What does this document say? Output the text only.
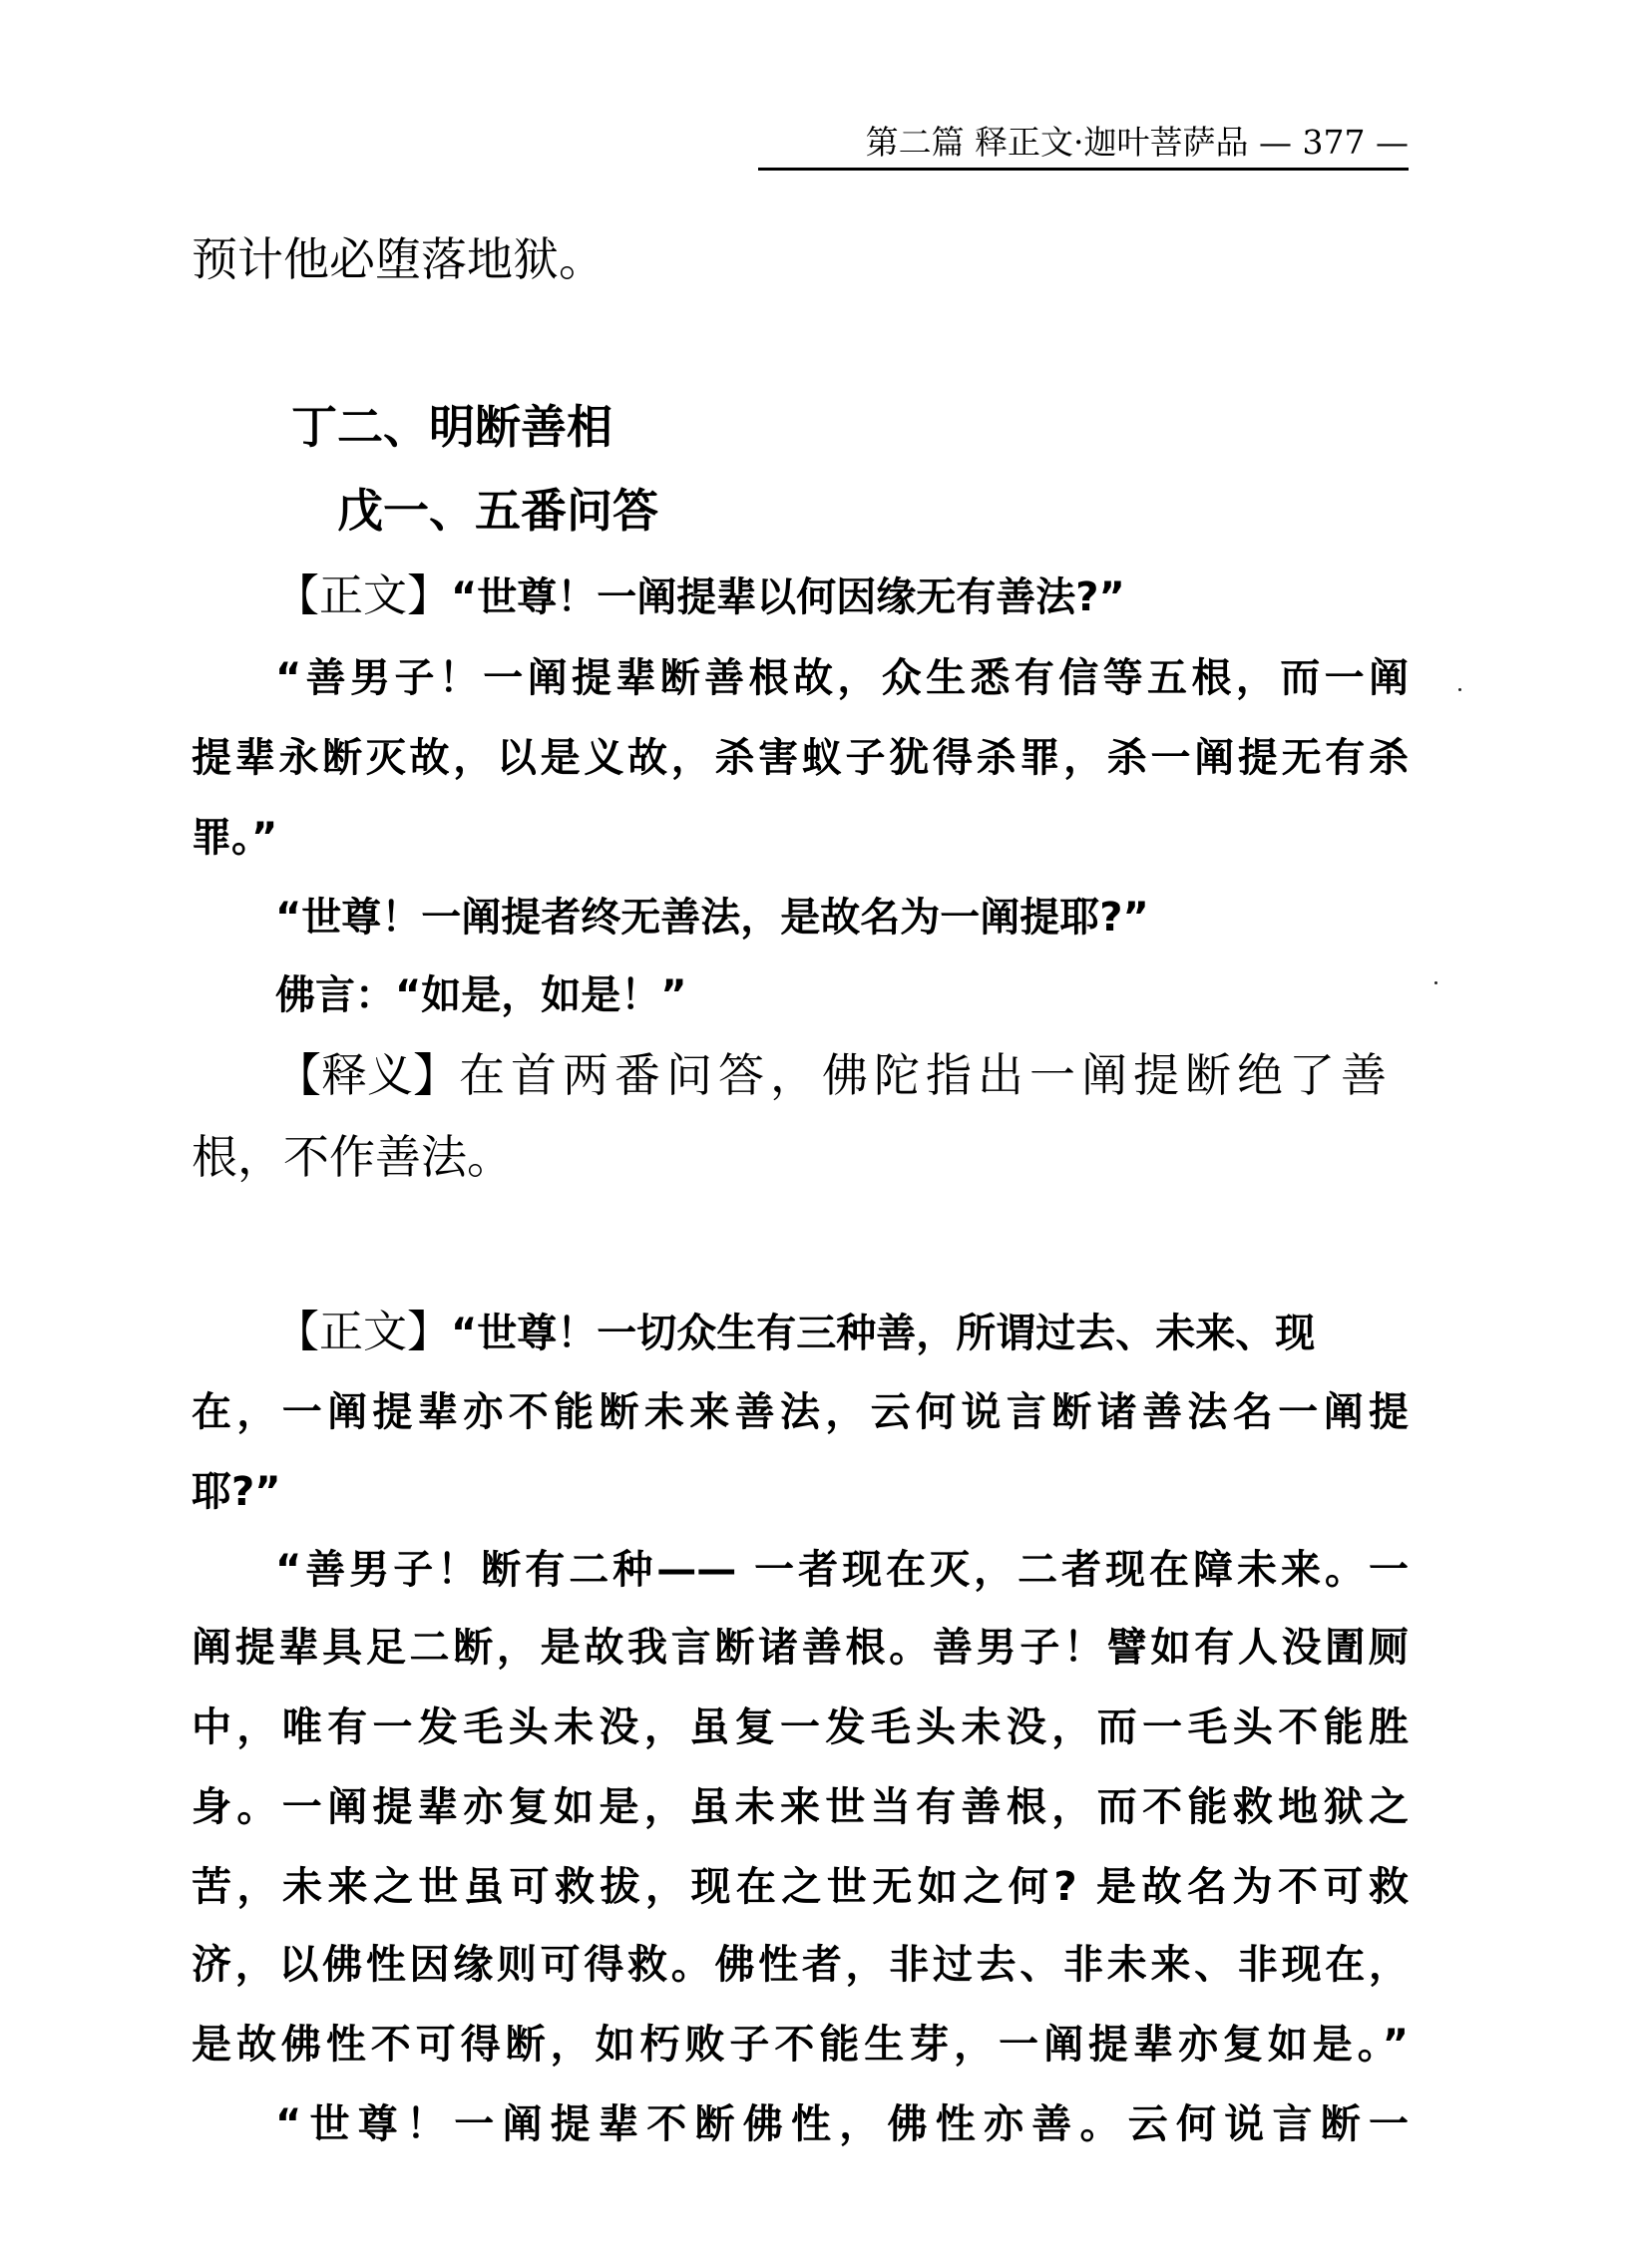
第二篇 释正文·迦叶菩萨品 — 377 —
预计他必堕落地狱。
丁二、明断善相
戊一、五番问答
【正文】“世尊！一阐提辈以何因缘无有善法?”
“善男子！一阐提辈断善根故，众生悉有信等五根，而一阐
提辈永断灭故，以是义故，杀害蚁子犹得杀罪，杀一阐提无有杀
罪。”
“世尊！一阐提者终无善法，是故名为一阐提耶?”
佛言：“如是，如是！”
【释义】在首两番问答，佛陀指出一阐提断绝了善
根，不作善法。
【正文】“世尊！一切众生有三种善，所谓过去、未来、现
在，一阐提辈亦不能断未来善法，云何说言断诸善法名一阐提
耶?”
“善男子！断有二种—— 一者现在灭，二者现在障未来。一
阐提辈具足二断，是故我言断诸善根。善男子！譬如有人没圊厕
中，唯有一发毛头未没，虽复一发毛头未没，而一毛头不能胜
身。一阐提辈亦复如是，虽未来世当有善根，而不能救地狱之
苦，未来之世虽可救拔，现在之世无如之何? 是故名为不可救
济，以佛性因缘则可得救。佛性者，非过去、非未来、非现在，
是故佛性不可得断，如朽败子不能生芽，一阐提辈亦复如是。”
“世尊！一阐提辈不断佛性，佛性亦善。云何说言断一
